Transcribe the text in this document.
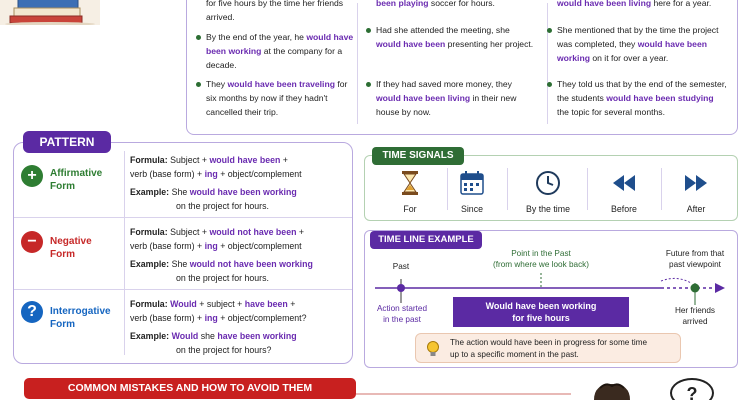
for five hours by the time her friends arrived.
By the end of the year, he would have been working at the company for a decade.
They would have been traveling for six months by now if they hadn't cancelled their trip.
been playing soccer for hours.
Had she attended the meeting, she would have been presenting her project.
If they had saved more money, they would have been living in their new house by now.
would have been living here for a year.
She mentioned that by the time the project was completed, they would have been working on it for over a year.
They told us that by the end of the semester, the students would have been studying the topic for several months.
+	Affirmative
Form
Formula: Subject + would have been +
verb (base form) + ing + object/complement
Example: She would have been working
on the project for hours.
−	Negative
Form
Formula: Subject + would not have been +
verb (base form) + ing + object/complement
Example: She would not have been working
on the project for hours.
?	Interrogative
Form
Formula: Would + subject + have been +
verb (base form) + ing + object/complement?
Example: Would she have been working
on the project for hours?
PATTERN
For	Since	By the time	Before	After
TIME SIGNALS
Past
Point in the Past
(from where we look back)
Future from that
past viewpoint
Action started
in the past
Would have been working
for five hours
Her friends
arrived
The action would have been in progress for some time
up to a specific moment in the past.
TIME LINE EXAMPLE
COMMON MISTAKES AND HOW TO AVOID THEM	?
